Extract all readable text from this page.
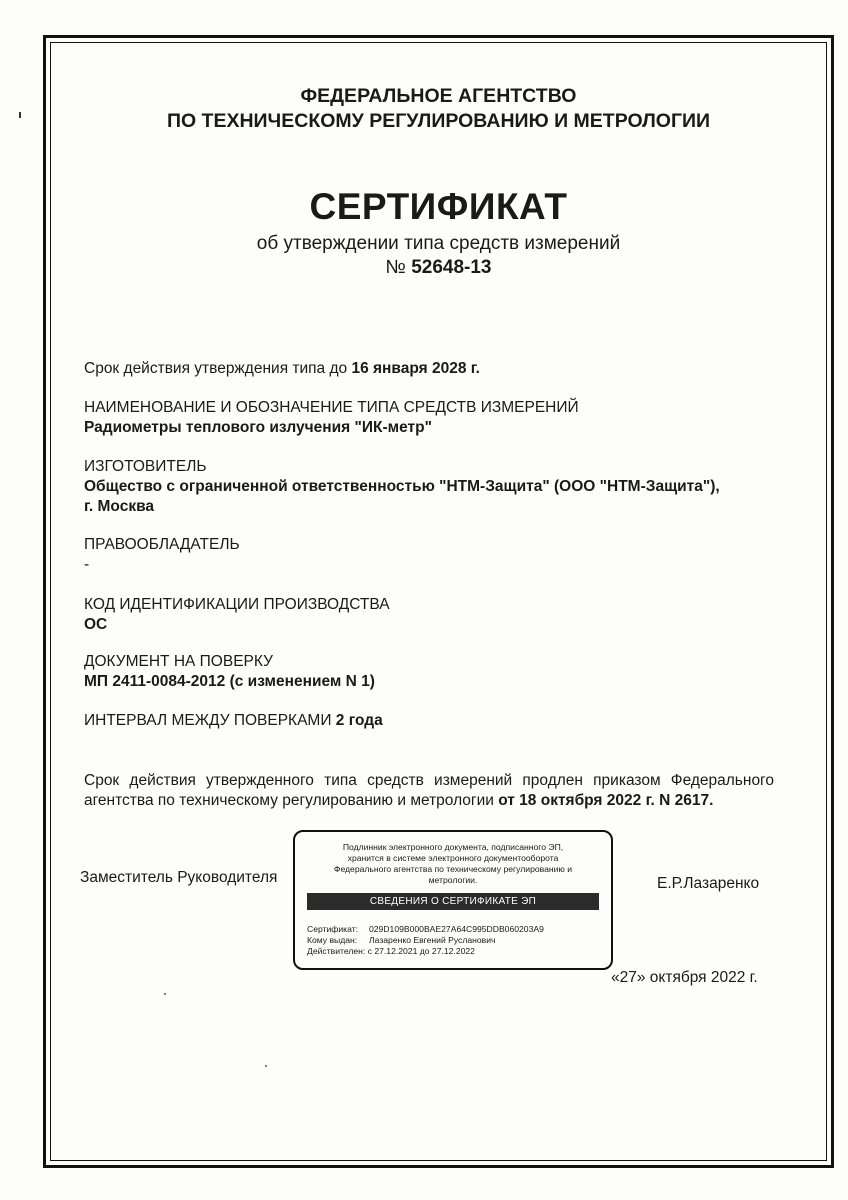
ФЕДЕРАЛЬНОЕ АГЕНТСТВО
ПО ТЕХНИЧЕСКОМУ РЕГУЛИРОВАНИЮ И МЕТРОЛОГИИ
СЕРТИФИКАТ
об утверждении типа средств измерений
№ 52648-13
Срок действия утверждения типа до 16 января 2028 г.
НАИМЕНОВАНИЕ И ОБОЗНАЧЕНИЕ ТИПА СРЕДСТВ ИЗМЕРЕНИЙ
Радиометры теплового излучения "ИК-метр"
ИЗГОТОВИТЕЛЬ
Общество с ограниченной ответственностью "НТМ-Защита" (ООО "НТМ-Защита"),
г. Москва
ПРАВООБЛАДАТЕЛЬ
-
КОД ИДЕНТИФИКАЦИИ ПРОИЗВОДСТВА
ОС
ДОКУМЕНТ НА ПОВЕРКУ
МП 2411-0084-2012 (с изменением N 1)
ИНТЕРВАЛ МЕЖДУ ПОВЕРКАМИ 2 года
Срок действия утвержденного типа средств измерений продлен приказом Федерального агентства по техническому регулированию и метрологии от 18 октября 2022 г. N 2617.
Заместитель Руководителя	Е.Р.Лазаренко
Подлинник электронного документа, подписанного ЭП,
хранится в системе электронного документооборота
Федерального агентства по техническому регулированию и
метрологии.
СВЕДЕНИЯ О СЕРТИФИКАТЕ ЭП
Сертификат: 029D109B000BAE27A64C995DDB060203A9
Кому выдан: Лазаренко Евгений Русланович
Действителен: с 27.12.2021 до 27.12.2022
«27» октября 2022 г.
